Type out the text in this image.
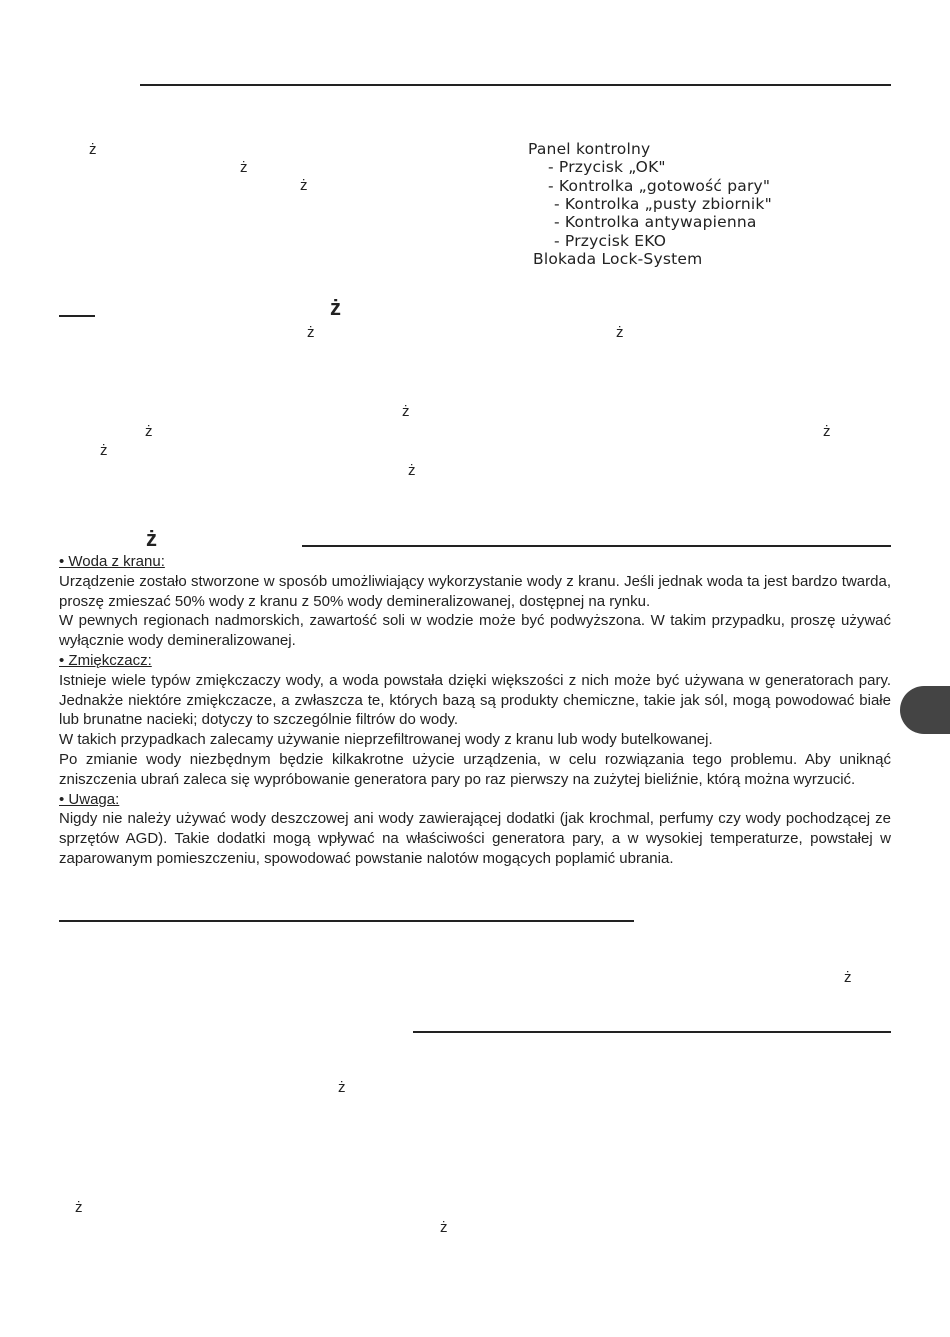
ż
ż
ż
ż
ż	ż
ż
ż	ż
ż
ż
ż
ż
ż
ż
ż
Panel kontrolny
- Przycisk „OK"
- Kontrolka „gotowość pary"
- Kontrolka „pusty zbiornik"
- Kontrolka antywapienna
- Przycisk EKO
Blokada Lock-System

• Woda z kranu:

Urządzenie zostało stworzone w sposób umożliwiający wykorzystanie wody z kranu. Jeśli jednak woda ta jest bardzo twarda, proszę zmieszać 50% wody z kranu z 50% wody demineralizowanej, dostępnej na rynku.

W pewnych regionach nadmorskich, zawartość soli w wodzie może być podwyższona. W takim przypadku, proszę używać wyłącznie wody demineralizowanej.

• Zmiękczacz:

Istnieje wiele typów zmiękczaczy wody, a woda powstała dzięki większości z nich może być używana w generatorach pary. Jednakże niektóre zmiękczacze, a zwłaszcza te, których bazą są produkty chemiczne, takie jak sól, mogą powodować białe lub brunatne nacieki; dotyczy to szczególnie filtrów do wody.

W takich przypadkach zalecamy używanie nieprzefiltrowanej wody z kranu lub wody butelkowanej.

Po zmianie wody niezbędnym będzie kilkakrotne użycie urządzenia, w celu rozwiązania tego problemu. Aby uniknąć zniszczenia ubrań zaleca się wypróbowanie generatora pary po raz pierwszy na zużytej bieliźnie, którą można wyrzucić.

• Uwaga:

Nigdy nie należy używać wody deszczowej ani wody zawierającej dodatki (jak krochmal, perfumy czy wody pochodzącej ze sprzętów AGD). Takie dodatki mogą wpływać na właściwości generatora pary, a w wysokiej temperaturze, powstałej w zaparowanym pomieszczeniu, spowodować powstanie nalotów mogących poplamić ubrania.
